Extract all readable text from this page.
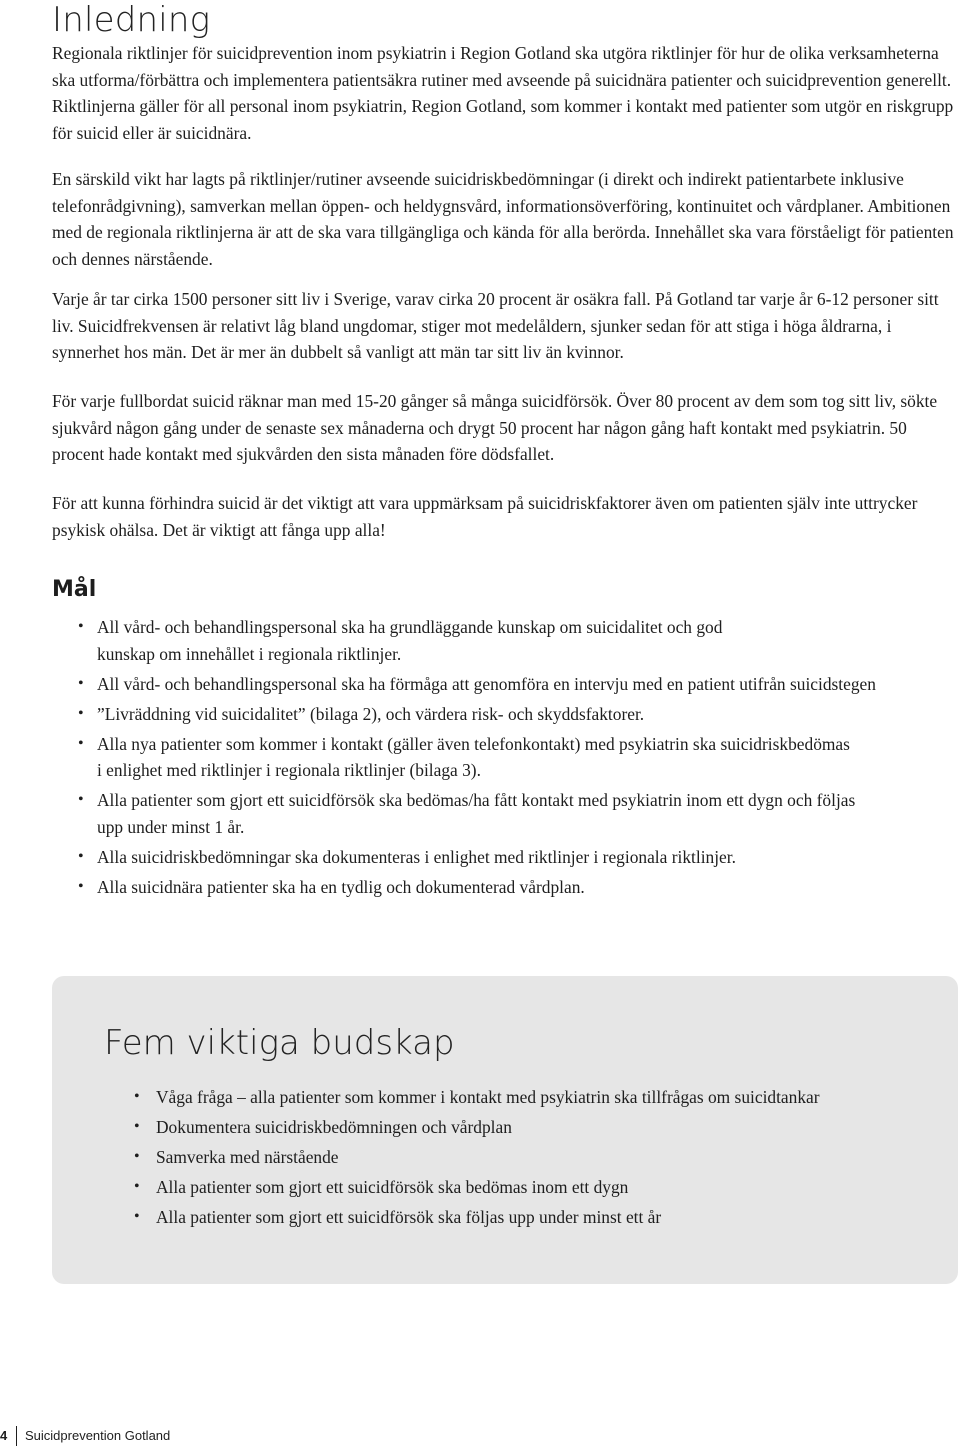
Inledning

Regionala riktlinjer för suicidprevention inom psykiatrin i Region Gotland ska utgöra riktlinjer för hur de olika verksamheterna ska utforma/förbättra och implementera patientsäkra rutiner med avseende på suicidnära patienter och suicidprevention generellt. Riktlinjerna gäller för all personal inom psykiatrin, Region Gotland, som kommer i kontakt med patienter som utgör en riskgrupp för suicid eller är suicidnära.

En särskild vikt har lagts på riktlinjer/rutiner avseende suicidriskbedömningar (i direkt och indirekt patientarbete inklusive telefonrådgivning), samverkan mellan öppen- och heldygnsvård, informationsöverföring, kontinuitet och vårdplaner. Ambitionen med de regionala riktlinjerna är att de ska vara tillgängliga och kända för alla berörda. Innehållet ska vara förståeligt för patienten och dennes närstående.

Varje år tar cirka 1500 personer sitt liv i Sverige, varav cirka 20 procent är osäkra fall. På Gotland tar varje år 6-12 personer sitt liv. Suicidfrekvensen är relativt låg bland ungdomar, stiger mot medelåldern, sjunker sedan för att stiga i höga åldrarna, i synnerhet hos män. Det är mer än dubbelt så vanligt att män tar sitt liv än kvinnor.

För varje fullbordat suicid räknar man med 15-20 gånger så många suicidförsök. Över 80 procent av dem som tog sitt liv, sökte sjukvård någon gång under de senaste sex månaderna och drygt 50 procent har någon gång haft kontakt med psykiatrin. 50 procent hade kontakt med sjukvården den sista månaden före dödsfallet.

För att kunna förhindra suicid är det viktigt att vara uppmärksam på suicidriskfaktorer även om patienten själv inte uttrycker psykisk ohälsa. Det är viktigt att fånga upp alla!

Mål
• All vård- och behandlingspersonal ska ha grundläggande kunskap om suicidalitet och god
kunskap om innehållet i regionala riktlinjer.
• All vård- och behandlingspersonal ska ha förmåga att genomföra en intervju med en patient utifrån suicidstegen
• ”Livräddning vid suicidalitet” (bilaga 2), och värdera risk- och skyddsfaktorer.
• Alla nya patienter som kommer i kontakt (gäller även telefonkontakt) med psykiatrin ska suicidriskbedömas
i enlighet med riktlinjer i regionala riktlinjer (bilaga 3).
• Alla patienter som gjort ett suicidförsök ska bedömas/ha fått kontakt med psykiatrin inom ett dygn och följas
upp under minst 1 år.
• Alla suicidriskbedömningar ska dokumenteras i enlighet med riktlinjer i regionala riktlinjer.
• Alla suicidnära patienter ska ha en tydlig och dokumenterad vårdplan.
Fem viktiga budskap
• Våga fråga – alla patienter som kommer i kontakt med psykiatrin ska tillfrågas om suicidtankar
• Dokumentera suicidriskbedömningen och vårdplan
• Samverka med närstående
• Alla patienter som gjort ett suicidförsök ska bedömas inom ett dygn
• Alla patienter som gjort ett suicidförsök ska följas upp under minst ett år
4 Suicidprevention Gotland
